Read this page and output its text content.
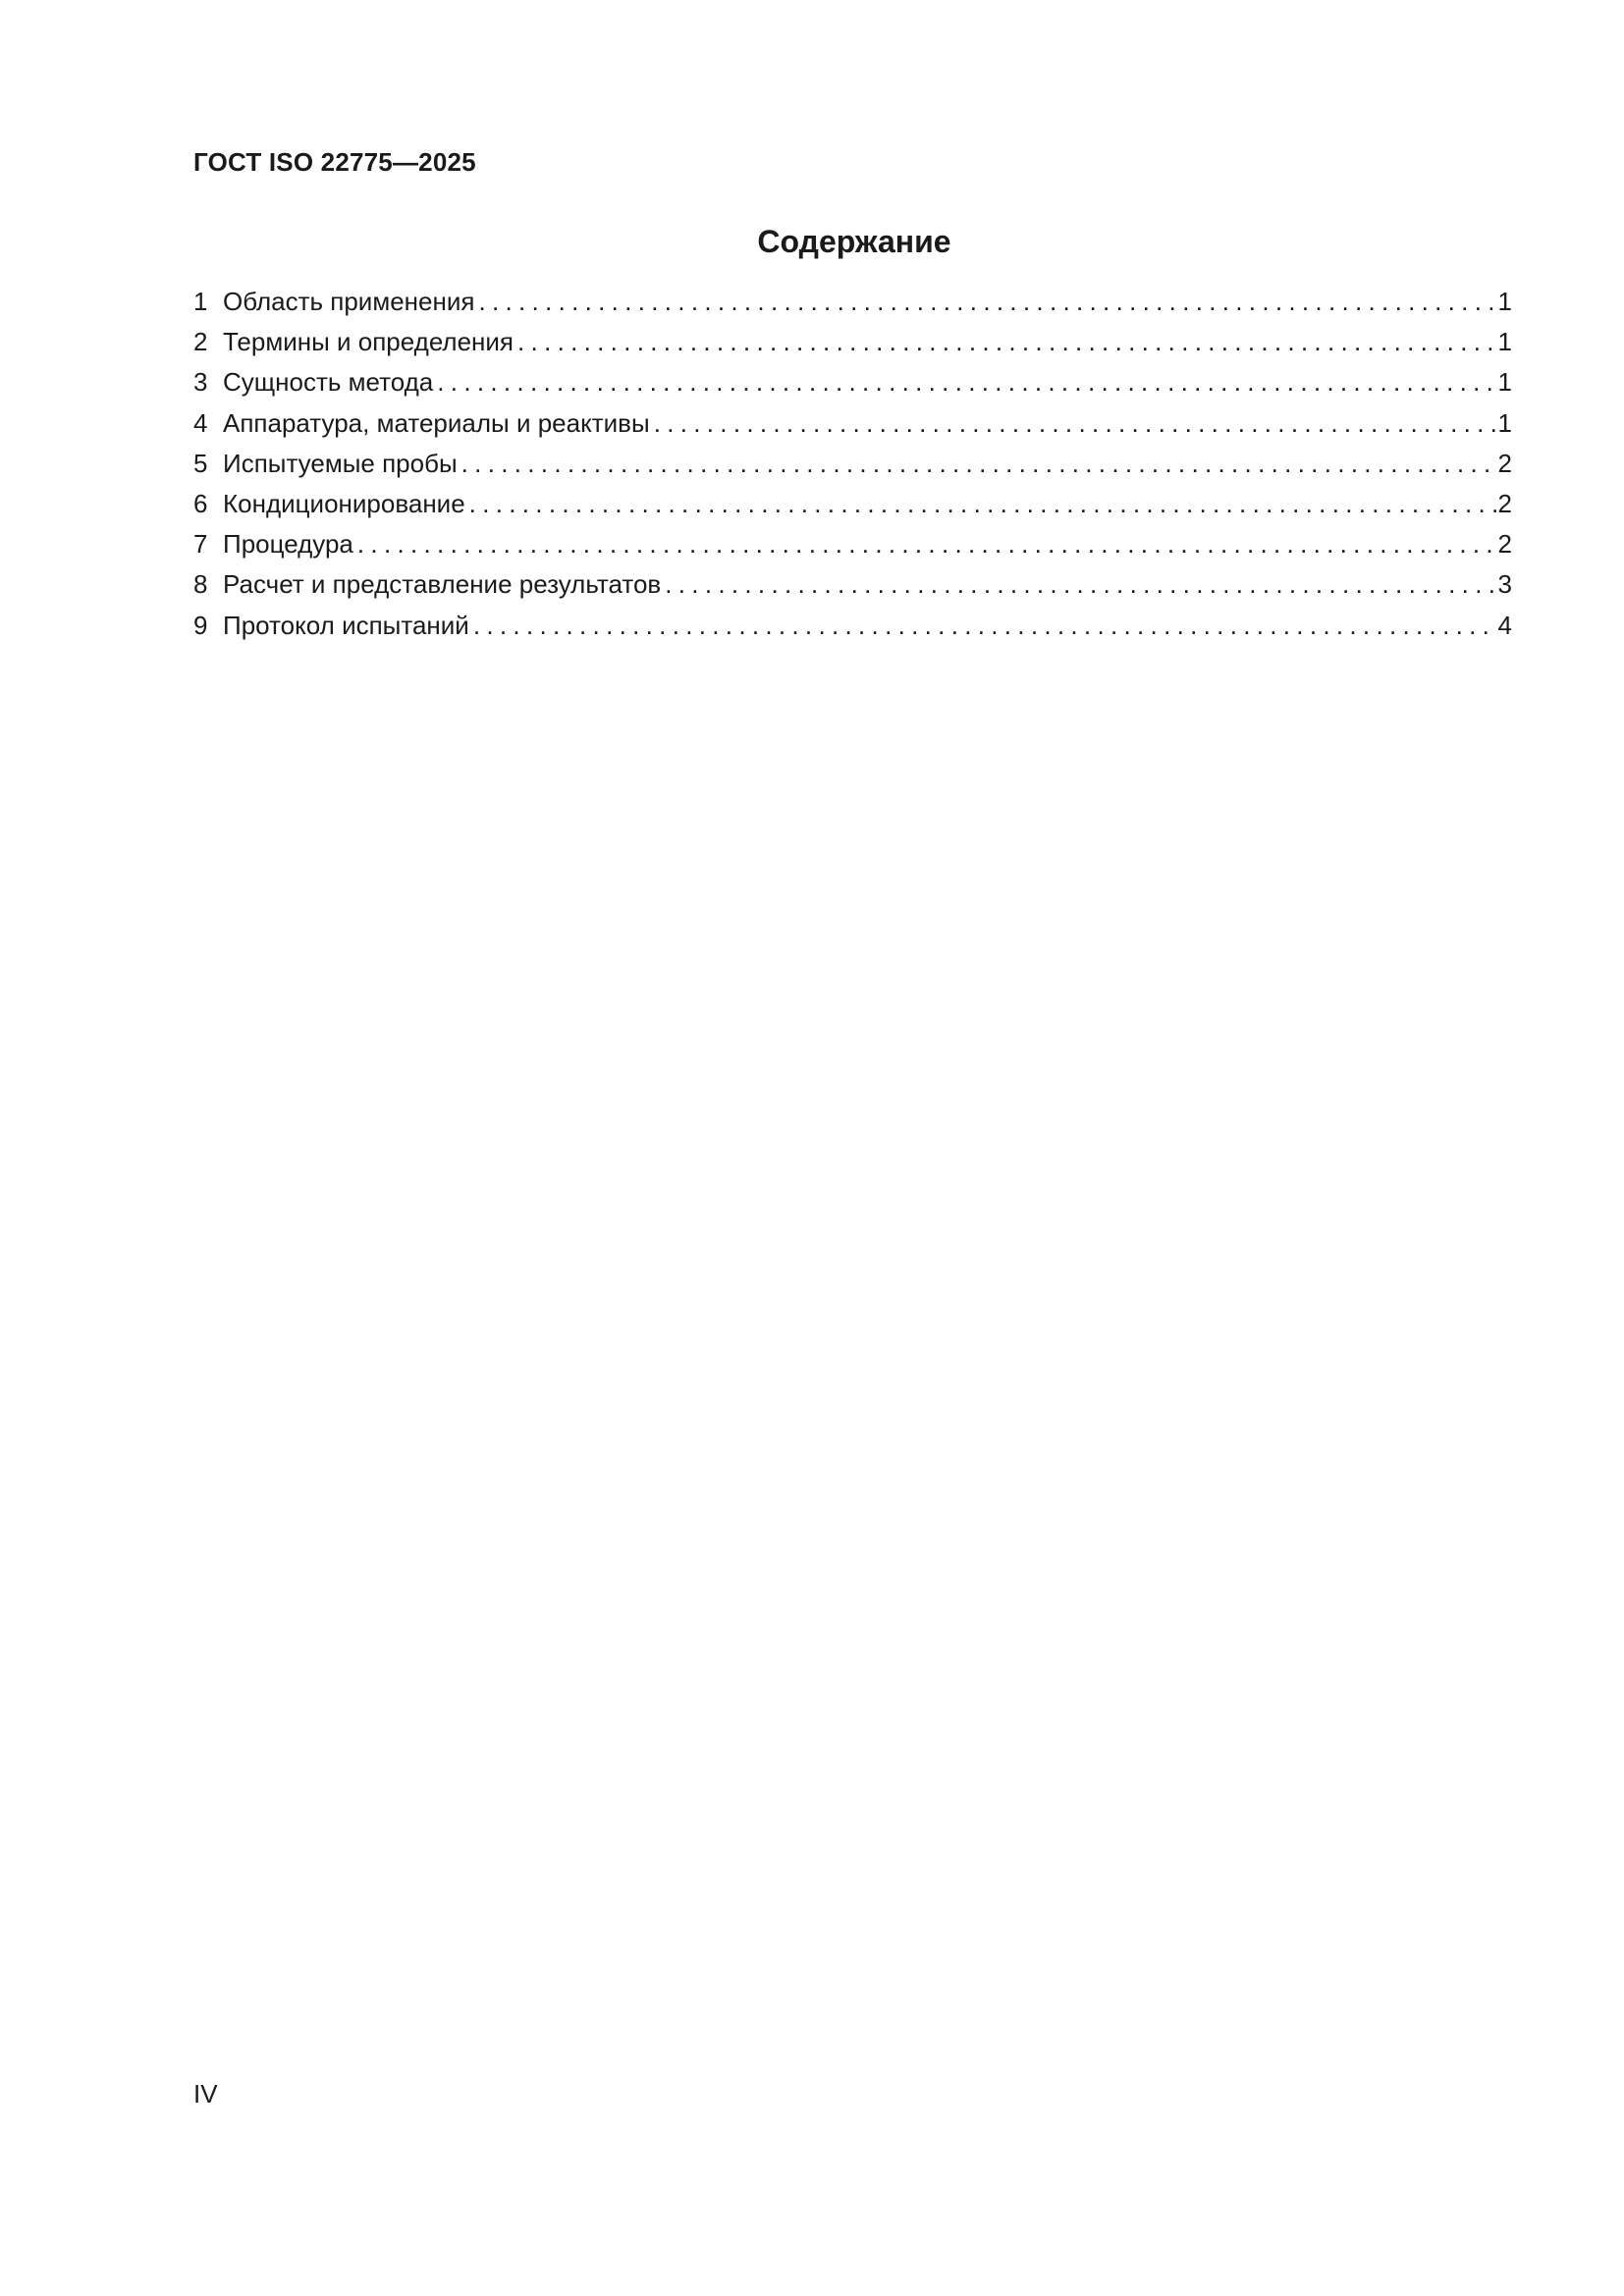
ГОСТ ISO 22775—2025
Содержание
1 Область применения .....	1
2 Термины и определения .....	1
3 Сущность метода .....	1
4 Аппаратура, материалы и реактивы .....	1
5 Испытуемые пробы .....	2
6 Кондиционирование .....	2
7 Процедура .....	2
8 Расчет и представление результатов .....	3
9 Протокол испытаний .....	4
IV
